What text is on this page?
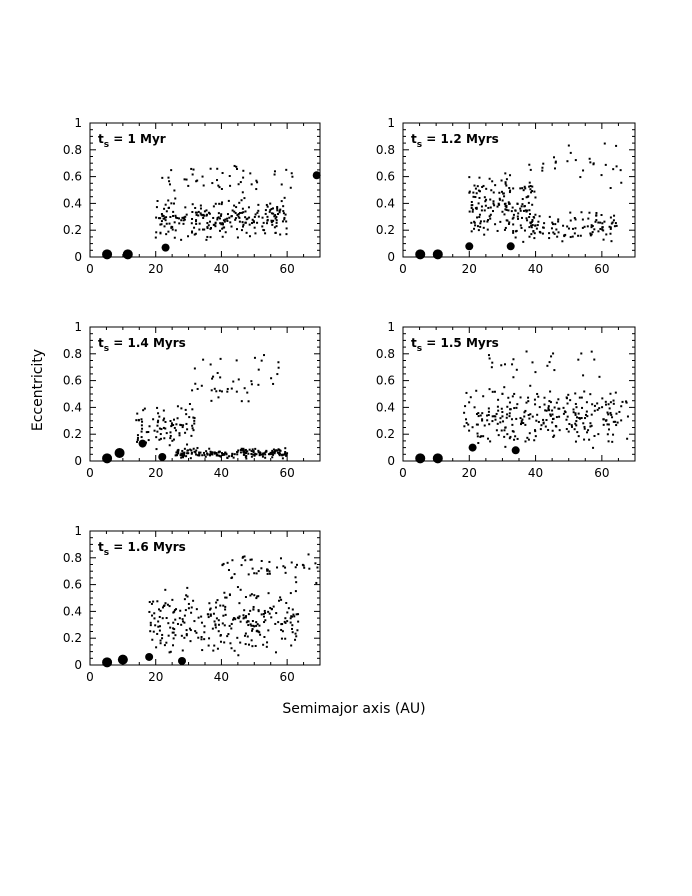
Eccentricity
Semimajor axis (AU)
0	20	40	60
0
0.2
0.4
0.6
0.8
1
$t_s = 1$ Myr
0	20	40	60
0
0.2
0.4
0.6
0.8
1
$t_s = 1.2$ Myrs
0	20	40	60
0
0.2
0.4
0.6
0.8
1
$t_s = 1.4$ Myrs
0	20	40	60
0
0.2
0.4
0.6
0.8
1
$t_s = 1.5$ Myrs
0	20	40	60
0
0.2
0.4
0.6
0.8
1
$t_s = 1.6$ Myrs
